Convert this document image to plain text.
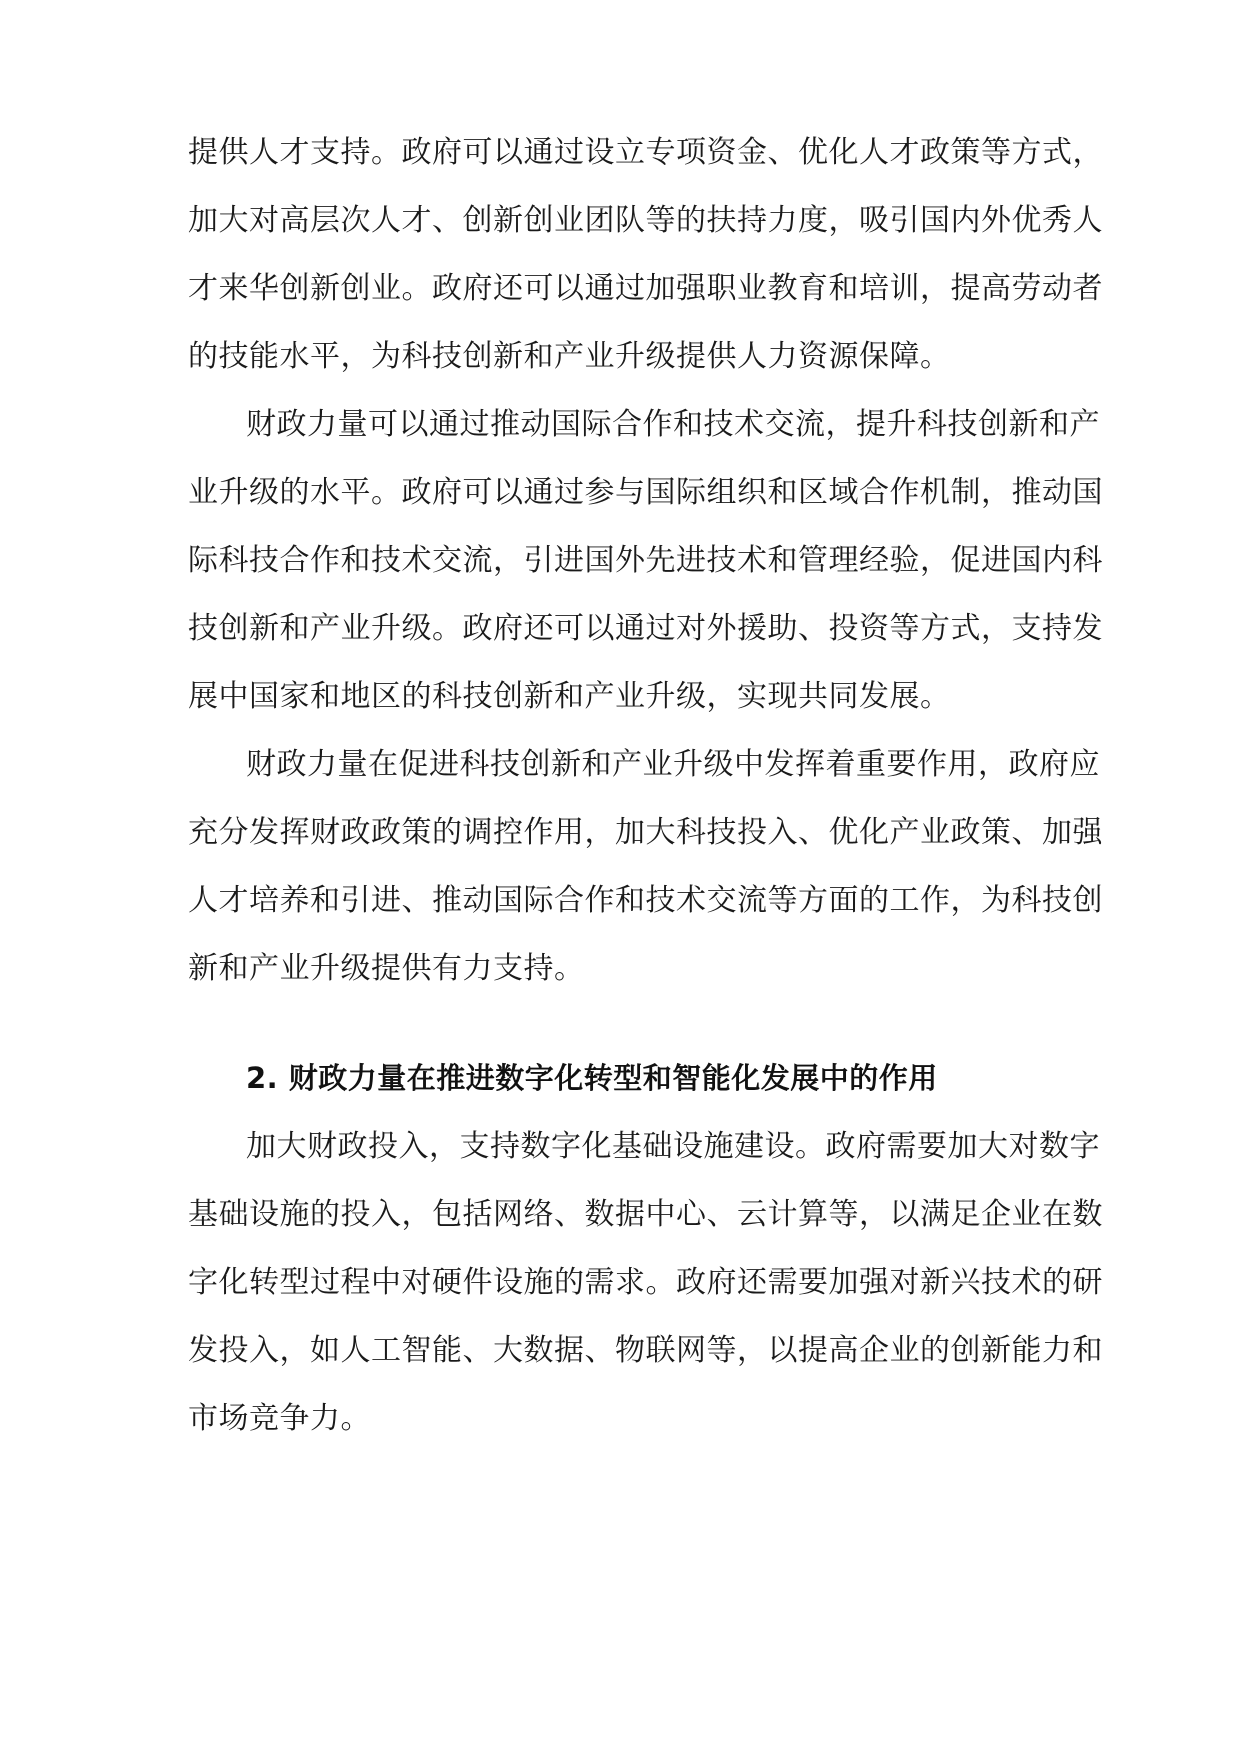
提供人才支持。政府可以通过设立专项资金、优化人才政策等方式，
加大对高层次人才、创新创业团队等的扶持力度，吸引国内外优秀人
才来华创新创业。政府还可以通过加强职业教育和培训，提高劳动者
的技能水平，为科技创新和产业升级提供人力资源保障。
财政力量可以通过推动国际合作和技术交流，提升科技创新和产
业升级的水平。政府可以通过参与国际组织和区域合作机制，推动国
际科技合作和技术交流，引进国外先进技术和管理经验，促进国内科
技创新和产业升级。政府还可以通过对外援助、投资等方式，支持发
展中国家和地区的科技创新和产业升级，实现共同发展。
财政力量在促进科技创新和产业升级中发挥着重要作用，政府应
充分发挥财政政策的调控作用，加大科技投入、优化产业政策、加强
人才培养和引进、推动国际合作和技术交流等方面的工作，为科技创
新和产业升级提供有力支持。
2. 财政力量在推进数字化转型和智能化发展中的作用
加大财政投入，支持数字化基础设施建设。政府需要加大对数字
基础设施的投入，包括网络、数据中心、云计算等，以满足企业在数
字化转型过程中对硬件设施的需求。政府还需要加强对新兴技术的研
发投入，如人工智能、大数据、物联网等，以提高企业的创新能力和
市场竞争力。
